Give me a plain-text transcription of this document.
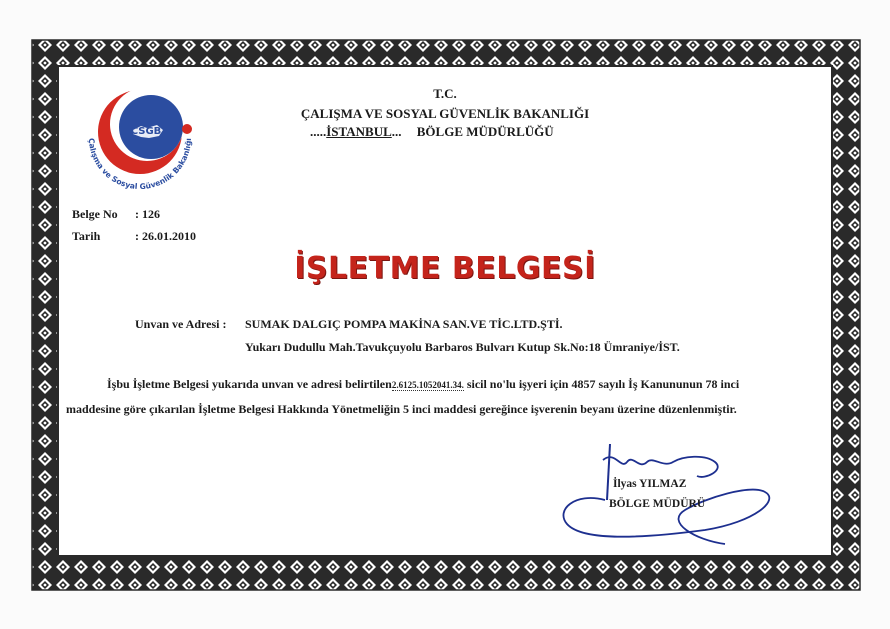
CSGB
Çalışma ve Sosyal Güvenlik Bakanlığı
T.C.
ÇALIŞMA VE SOSYAL GÜVENLİK BAKANLIĞI
.....İSTANBUL... BÖLGE MÜDÜRLÜĞÜ
Belge No : 126
Tarih	: 26.01.2010
İŞLETME BELGESİ
Unvan ve Adresi : SUMAK DALGIÇ POMPA MAKİNA SAN.VE TİC.LTD.ŞTİ.
Yukarı Dudullu Mah.Tavukçuyolu Barbaros Bulvarı Kutup Sk.No:18 Ümraniye/İST.
İşbu İşletme Belgesi yukarıda unvan ve adresi belirtilen2.6125.1052041.34. sicil no'lu işyeri için 4857 sayılı İş Kanununun 78 inci
maddesine göre çıkarılan İşletme Belgesi Hakkında Yönetmeliğin 5 inci maddesi gereğince işverenin beyanı üzerine düzenlenmiştir.
İlyas YILMAZ
BÖLGE MÜDÜRÜ
